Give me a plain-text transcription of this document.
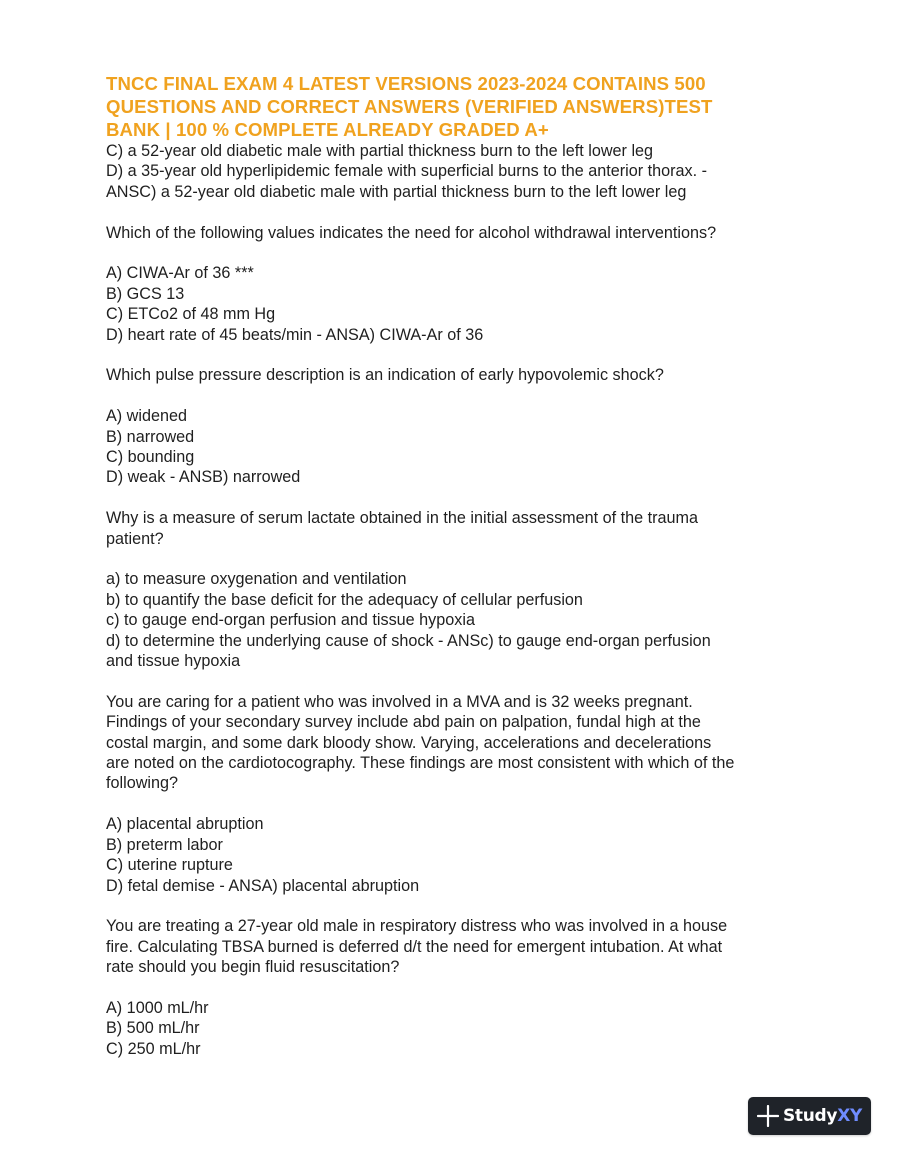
TNCC FINAL EXAM 4 LATEST VERSIONS 2023-2024 CONTAINS 500
QUESTIONS AND CORRECT ANSWERS (VERIFIED ANSWERS)TEST
BANK | 100 % COMPLETE ALREADY GRADED A+
C) a 52-year old diabetic male with partial thickness burn to the left lower leg
D) a 35-year old hyperlipidemic female with superficial burns to the anterior thorax. -
ANSC) a 52-year old diabetic male with partial thickness burn to the left lower leg
Which of the following values indicates the need for alcohol withdrawal interventions?
A) CIWA-Ar of 36 ***
B) GCS 13
C) ETCo2 of 48 mm Hg
D) heart rate of 45 beats/min - ANSA) CIWA-Ar of 36
Which pulse pressure description is an indication of early hypovolemic shock?
A) widened
B) narrowed
C) bounding
D) weak - ANSB) narrowed
Why is a measure of serum lactate obtained in the initial assessment of the trauma
patient?
a) to measure oxygenation and ventilation
b) to quantify the base deficit for the adequacy of cellular perfusion
c) to gauge end-organ perfusion and tissue hypoxia
d) to determine the underlying cause of shock - ANSc) to gauge end-organ perfusion
and tissue hypoxia
You are caring for a patient who was involved in a MVA and is 32 weeks pregnant.
Findings of your secondary survey include abd pain on palpation, fundal high at the
costal margin, and some dark bloody show. Varying, accelerations and decelerations
are noted on the cardiotocography. These findings are most consistent with which of the
following?
A) placental abruption
B) preterm labor
C) uterine rupture
D) fetal demise - ANSA) placental abruption
You are treating a 27-year old male in respiratory distress who was involved in a house
fire. Calculating TBSA burned is deferred d/t the need for emergent intubation. At what
rate should you begin fluid resuscitation?
A) 1000 mL/hr
B) 500 mL/hr
C) 250 mL/hr
StudyXY
